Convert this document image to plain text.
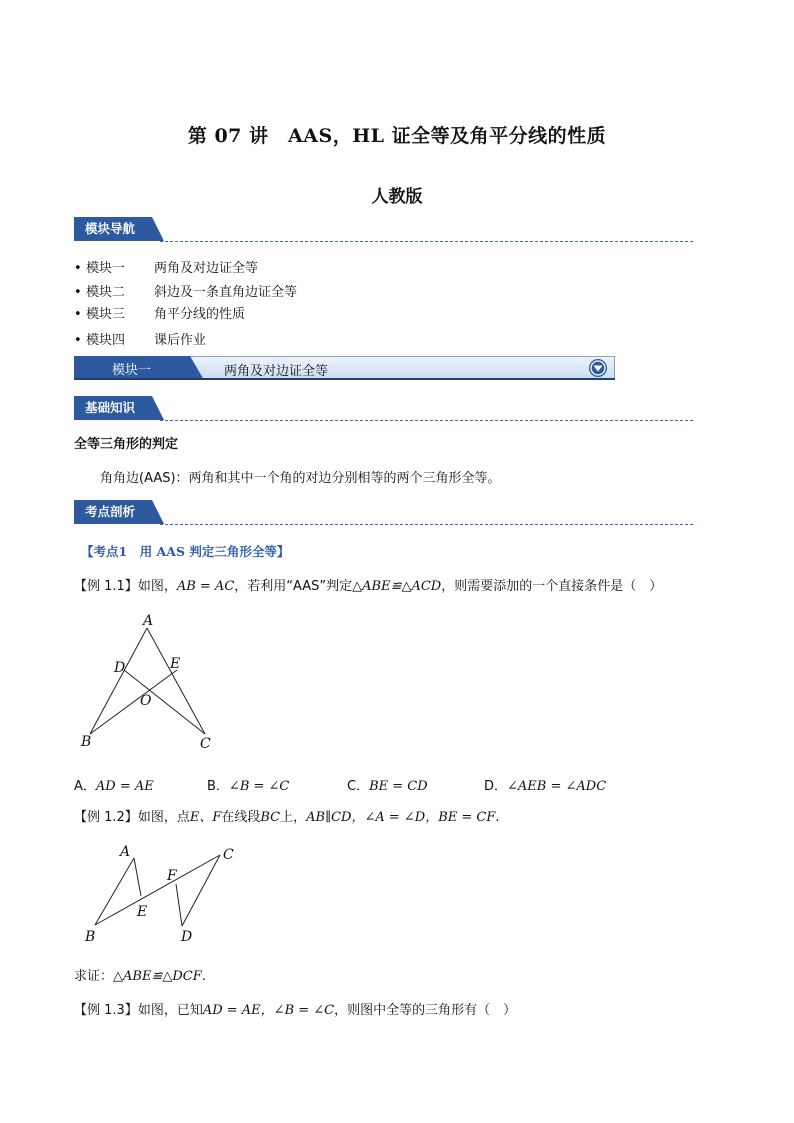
第 07 讲　AAS，HL 证全等及角平分线的性质
人教版
模块导航
• 模块一 两角及对边证全等
• 模块二 斜边及一条直角边证全等
• 模块三 角平分线的性质
• 模块四 课后作业
模块一	两角及对边证全等
基础知识
全等三角形的判定
角角边(AAS)：两角和其中一个角的对边分别相等的两个三角形全等。
考点剖析
【考点1　用 AAS 判定三角形全等】
【例 1.1】如图，AB = AC，若利用“AAS”判定△ABE≌△ACD，则需要添加的一个直接条件是（　）
A
D	E
O
B	C
A．AD = AE	B．∠B = ∠C	C．BE = CD	D．∠AEB = ∠ADC
【例 1.2】如图，点E、F在线段BC上，AB∥CD，∠A = ∠D，BE = CF.
A	C
F
E
B	D
求证：△ABE≌△DCF.
【例 1.3】如图，已知AD = AE，∠B = ∠C，则图中全等的三角形有（　）
